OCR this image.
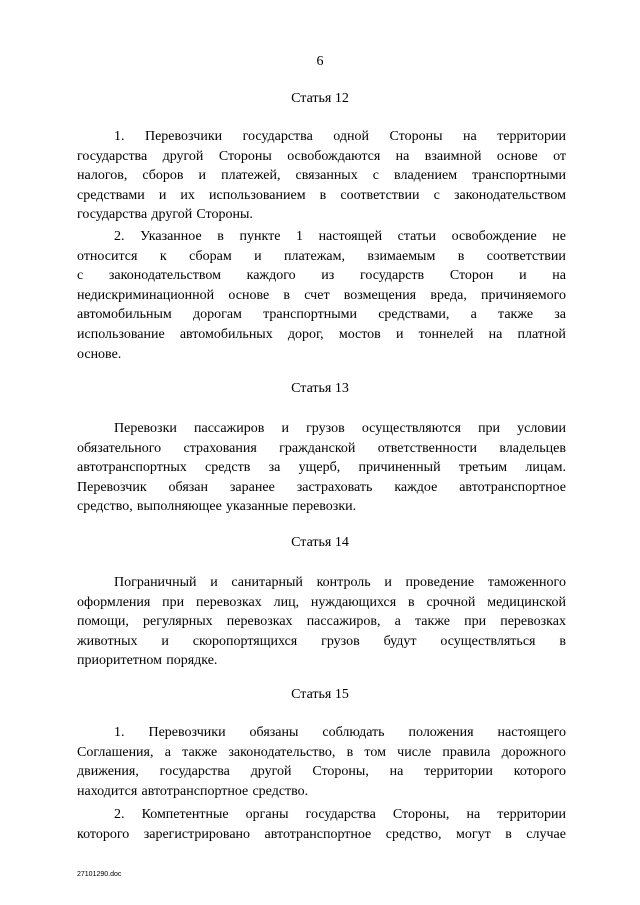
6
Статья 12
1. Перевозчики государства одной Стороны на территории
государства другой Стороны освобождаются на взаимной основе от
налогов, сборов и платежей, связанных с владением транспортными
средствами и их использованием в соответствии с законодательством
государства другой Стороны.
2. Указанное в пункте 1 настоящей статьи освобождение не
относится к сборам и платежам, взимаемым в соответствии
с законодательством каждого из государств Сторон и на
недискриминационной основе в счет возмещения вреда, причиняемого
автомобильным дорогам транспортными средствами, а также за
использование автомобильных дорог, мостов и тоннелей на платной
основе.
Статья 13
Перевозки пассажиров и грузов осуществляются при условии
обязательного страхования гражданской ответственности владельцев
автотранспортных средств за ущерб, причиненный третьим лицам.
Перевозчик обязан заранее застраховать каждое автотранспортное
средство, выполняющее указанные перевозки.
Статья 14
Пограничный и санитарный контроль и проведение таможенного
оформления при перевозках лиц, нуждающихся в срочной медицинской
помощи, регулярных перевозках пассажиров, а также при перевозках
животных и скоропортящихся грузов будут осуществляться в
приоритетном порядке.
Статья 15
1. Перевозчики обязаны соблюдать положения настоящего
Соглашения, а также законодательство, в том числе правила дорожного
движения, государства другой Стороны, на территории которого
находится автотранспортное средство.
2. Компетентные органы государства Стороны, на территории
которого зарегистрировано автотранспортное средство, могут в случае
27101290.doc
